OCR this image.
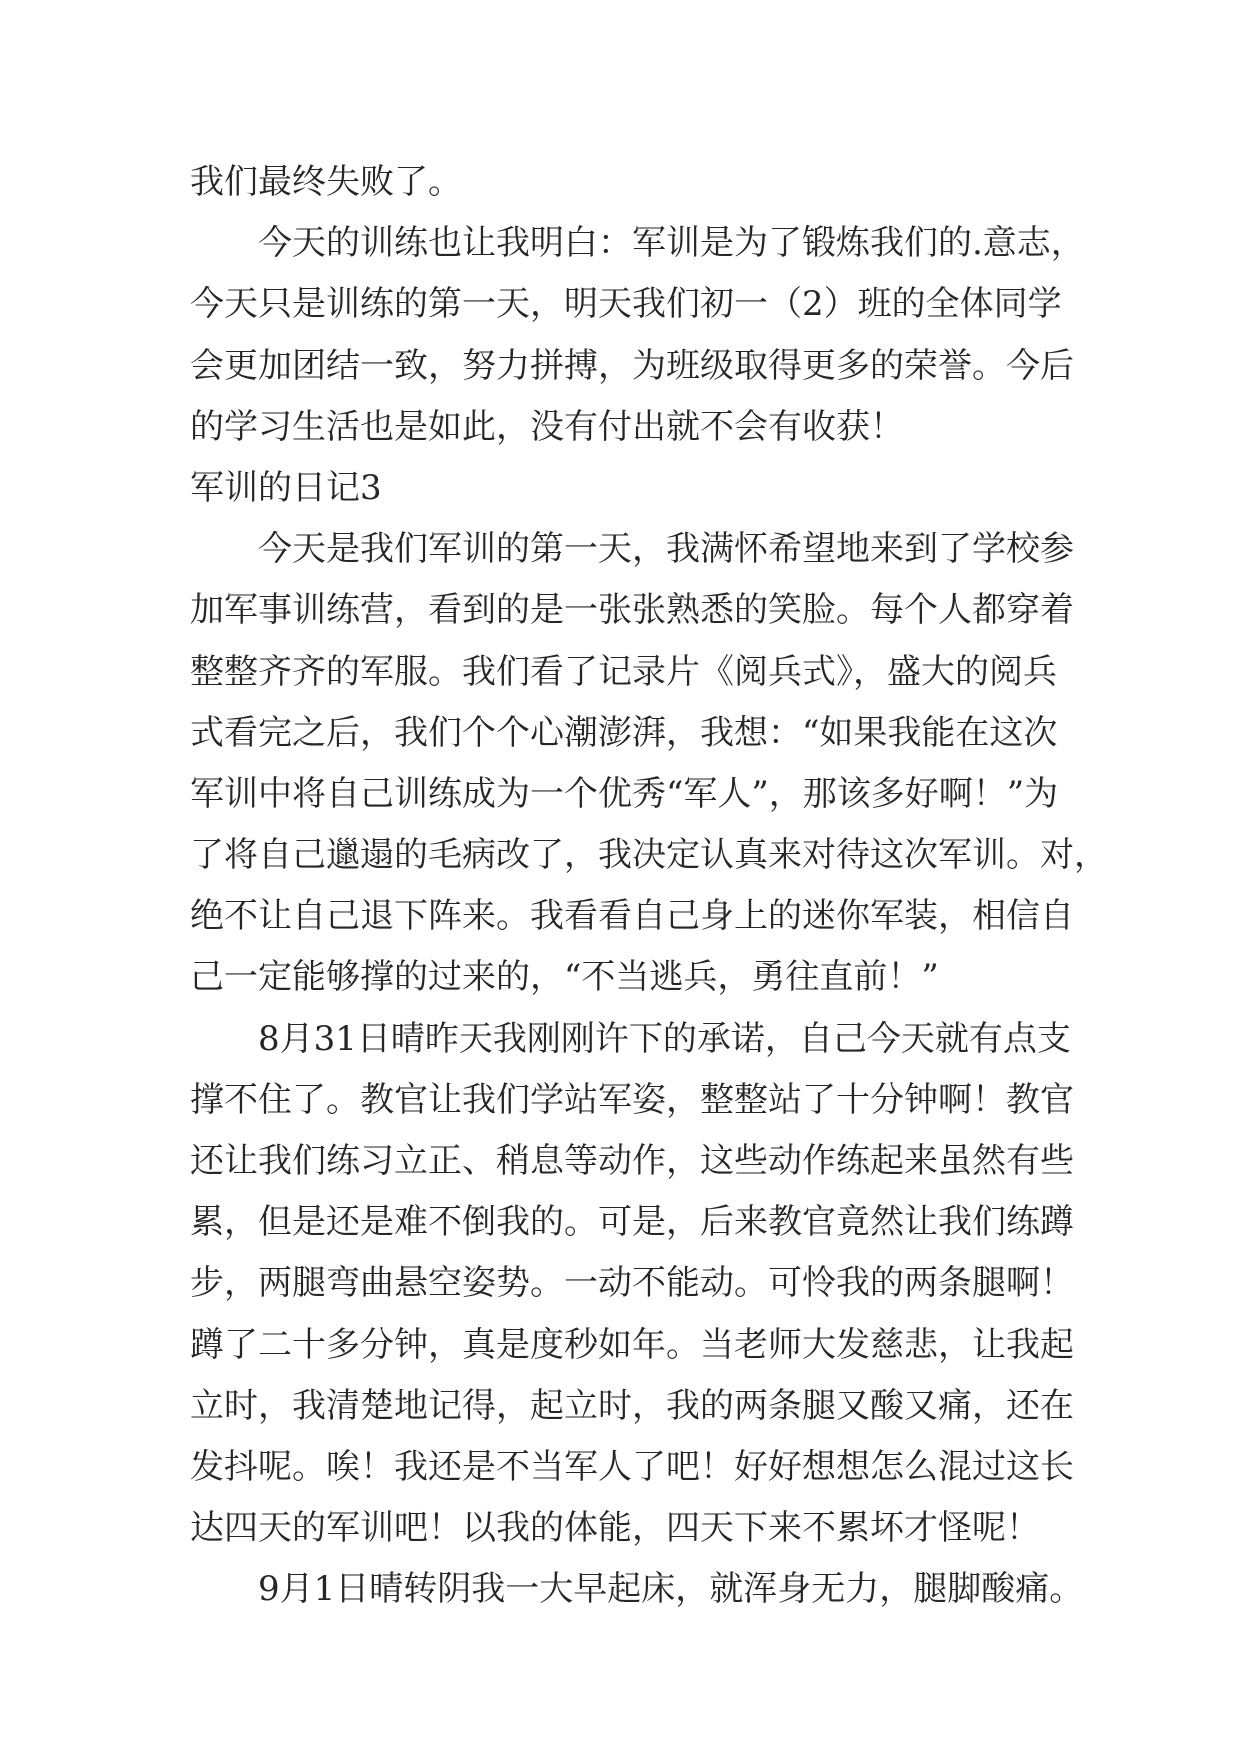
我们最终失败了。
今天的训练也让我明白：军训是为了锻炼我们的.意志，
今天只是训练的第一天，明天我们初一（2）班的全体同学
会更加团结一致，努力拼搏，为班级取得更多的荣誉。今后
的学习生活也是如此，没有付出就不会有收获！
军训的日记3
今天是我们军训的第一天，我满怀希望地来到了学校参
加军事训练营，看到的是一张张熟悉的笑脸。每个人都穿着
整整齐齐的军服。我们看了记录片《阅兵式》，盛大的阅兵
式看完之后，我们个个心潮澎湃，我想：“如果我能在这次
军训中将自己训练成为一个优秀“军人”，那该多好啊！”为
了将自己邋遢的毛病改了，我决定认真来对待这次军训。对，
绝不让自己退下阵来。我看看自己身上的迷你军装，相信自
己一定能够撑的过来的，“不当逃兵，勇往直前！”
8月31日晴昨天我刚刚许下的承诺，自己今天就有点支
撑不住了。教官让我们学站军姿，整整站了十分钟啊！教官
还让我们练习立正、稍息等动作，这些动作练起来虽然有些
累，但是还是难不倒我的。可是，后来教官竟然让我们练蹲
步，两腿弯曲悬空姿势。一动不能动。可怜我的两条腿啊！
蹲了二十多分钟，真是度秒如年。当老师大发慈悲，让我起
立时，我清楚地记得，起立时，我的两条腿又酸又痛，还在
发抖呢。唉！我还是不当军人了吧！好好想想怎么混过这长
达四天的军训吧！以我的体能，四天下来不累坏才怪呢！
9月1日晴转阴我一大早起床，就浑身无力，腿脚酸痛。
